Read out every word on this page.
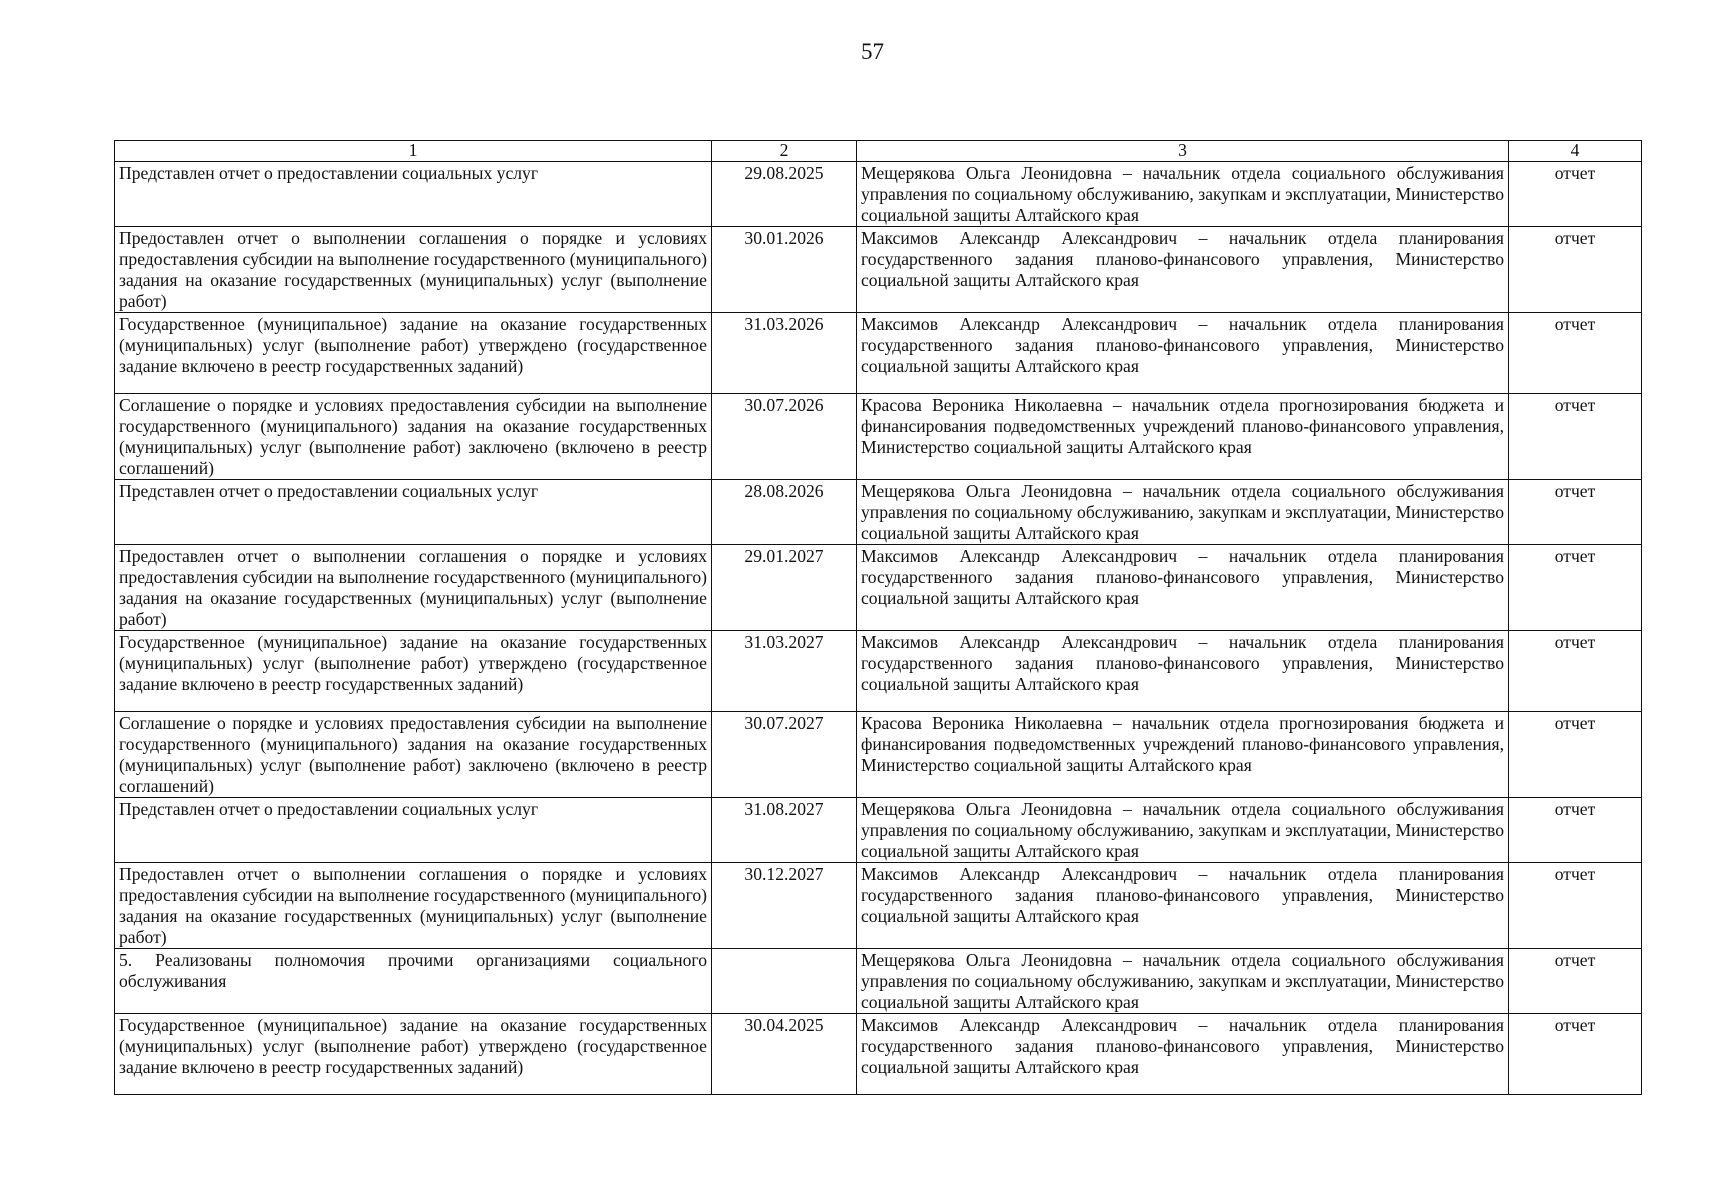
57
1	2	3	4
Представлен отчет о предоставлении социальных услуг	29.08.2025	Мещерякова Ольга Леонидовна – начальник отдела социального обслуживания управления по социальному обслуживанию, закупкам и эксплуатации, Министерство социальной защиты Алтайского края	отчет
Предоставлен отчет о выполнении соглашения о порядке и условиях предоставления субсидии на выполнение государственного (муниципального) задания на оказание государственных (муниципальных) услуг (выполнение работ)	30.01.2026	Максимов Александр Александрович – начальник отдела планирования государственного задания планово-финансового управления, Министерство социальной защиты Алтайского края	отчет
Государственное (муниципальное) задание на оказание государственных (муниципальных) услуг (выполнение работ) утверждено (государственное задание включено в реестр государственных заданий)	31.03.2026	Максимов Александр Александрович – начальник отдела планирования государственного задания планово-финансового управления, Министерство социальной защиты Алтайского края	отчет
Соглашение о порядке и условиях предоставления субсидии на выполнение государственного (муниципального) задания на оказание государственных (муниципальных) услуг (выполнение работ) заключено (включено в реестр соглашений)	30.07.2026	Красова Вероника Николаевна – начальник отдела прогнозирования бюджета и финансирования подведомственных учреждений планово-финансового управления, Министерство социальной защиты Алтайского края	отчет
Представлен отчет о предоставлении социальных услуг	28.08.2026	Мещерякова Ольга Леонидовна – начальник отдела социального обслуживания управления по социальному обслуживанию, закупкам и эксплуатации, Министерство социальной защиты Алтайского края	отчет
Предоставлен отчет о выполнении соглашения о порядке и условиях предоставления субсидии на выполнение государственного (муниципального) задания на оказание государственных (муниципальных) услуг (выполнение работ)	29.01.2027	Максимов Александр Александрович – начальник отдела планирования государственного задания планово-финансового управления, Министерство социальной защиты Алтайского края	отчет
Государственное (муниципальное) задание на оказание государственных (муниципальных) услуг (выполнение работ) утверждено (государственное задание включено в реестр государственных заданий)	31.03.2027	Максимов Александр Александрович – начальник отдела планирования государственного задания планово-финансового управления, Министерство социальной защиты Алтайского края	отчет
Соглашение о порядке и условиях предоставления субсидии на выполнение государственного (муниципального) задания на оказание государственных (муниципальных) услуг (выполнение работ) заключено (включено в реестр соглашений)	30.07.2027	Красова Вероника Николаевна – начальник отдела прогнозирования бюджета и финансирования подведомственных учреждений планово-финансового управления, Министерство социальной защиты Алтайского края	отчет
Представлен отчет о предоставлении социальных услуг	31.08.2027	Мещерякова Ольга Леонидовна – начальник отдела социального обслуживания управления по социальному обслуживанию, закупкам и эксплуатации, Министерство социальной защиты Алтайского края	отчет
Предоставлен отчет о выполнении соглашения о порядке и условиях предоставления субсидии на выполнение государственного (муниципального) задания на оказание государственных (муниципальных) услуг (выполнение работ)	30.12.2027	Максимов Александр Александрович – начальник отдела планирования государственного задания планово-финансового управления, Министерство социальной защиты Алтайского края	отчет
5. Реализованы полномочия прочими организациями социального обслуживания		Мещерякова Ольга Леонидовна – начальник отдела социального обслуживания управления по социальному обслуживанию, закупкам и эксплуатации, Министерство социальной защиты Алтайского края	отчет
Государственное (муниципальное) задание на оказание государственных (муниципальных) услуг (выполнение работ) утверждено (государственное задание включено в реестр государственных заданий)	30.04.2025	Максимов Александр Александрович – начальник отдела планирования государственного задания планово-финансового управления, Министерство социальной защиты Алтайского края	отчет
